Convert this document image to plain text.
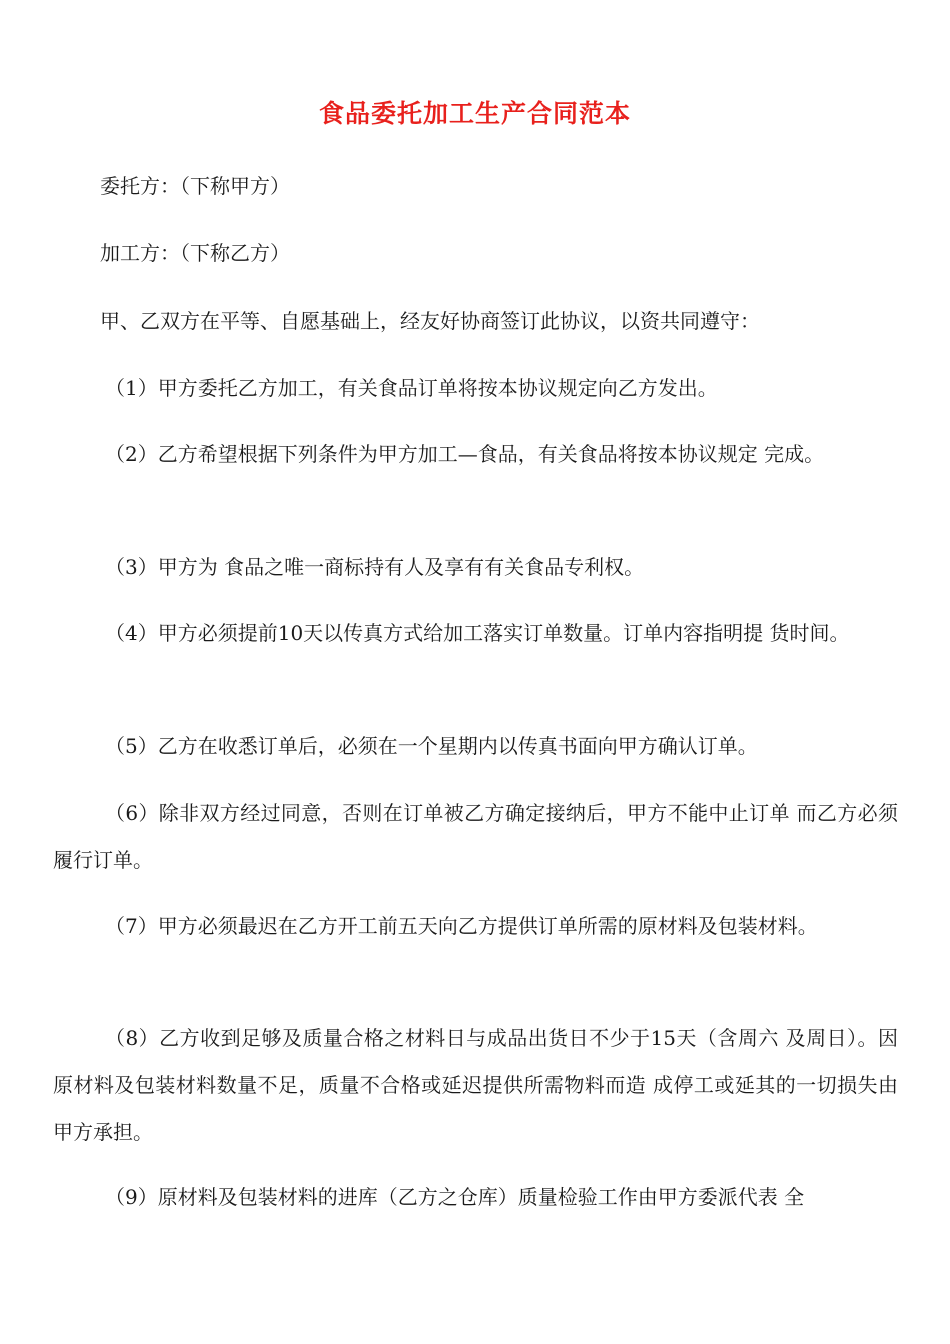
食品委托加工生产合同范本

委托方：（下称甲方）

加工方：（下称乙方）

甲、乙双方在平等、自愿基础上，经友好协商签订此协议，以资共同遵守：

（1）甲方委托乙方加工，有关食品订单将按本协议规定向乙方发出。

（2）乙方希望根据下列条件为甲方加工—食品，有关食品将按本协议规定 完成。

（3）甲方为 食品之唯一商标持有人及享有有关食品专利权。

（4）甲方必须提前10天以传真方式给加工落实订单数量。订单内容指明提 货时间。

（5）乙方在收悉订单后，必须在一个星期内以传真书面向甲方确认订单。

（6）除非双方经过同意，否则在订单被乙方确定接纳后，甲方不能中止订单 而乙方必须履行订单。

（7）甲方必须最迟在乙方开工前五天向乙方提供订单所需的原材料及包装材料。

（8）乙方收到足够及质量合格之材料日与成品出货日不少于15天（含周六 及周日）。因原材料及包装材料数量不足，质量不合格或延迟提供所需物料而造 成停工或延其的一切损失由甲方承担。

（9）原材料及包装材料的进库（乙方之仓库）质量检验工作由甲方委派代表 全
